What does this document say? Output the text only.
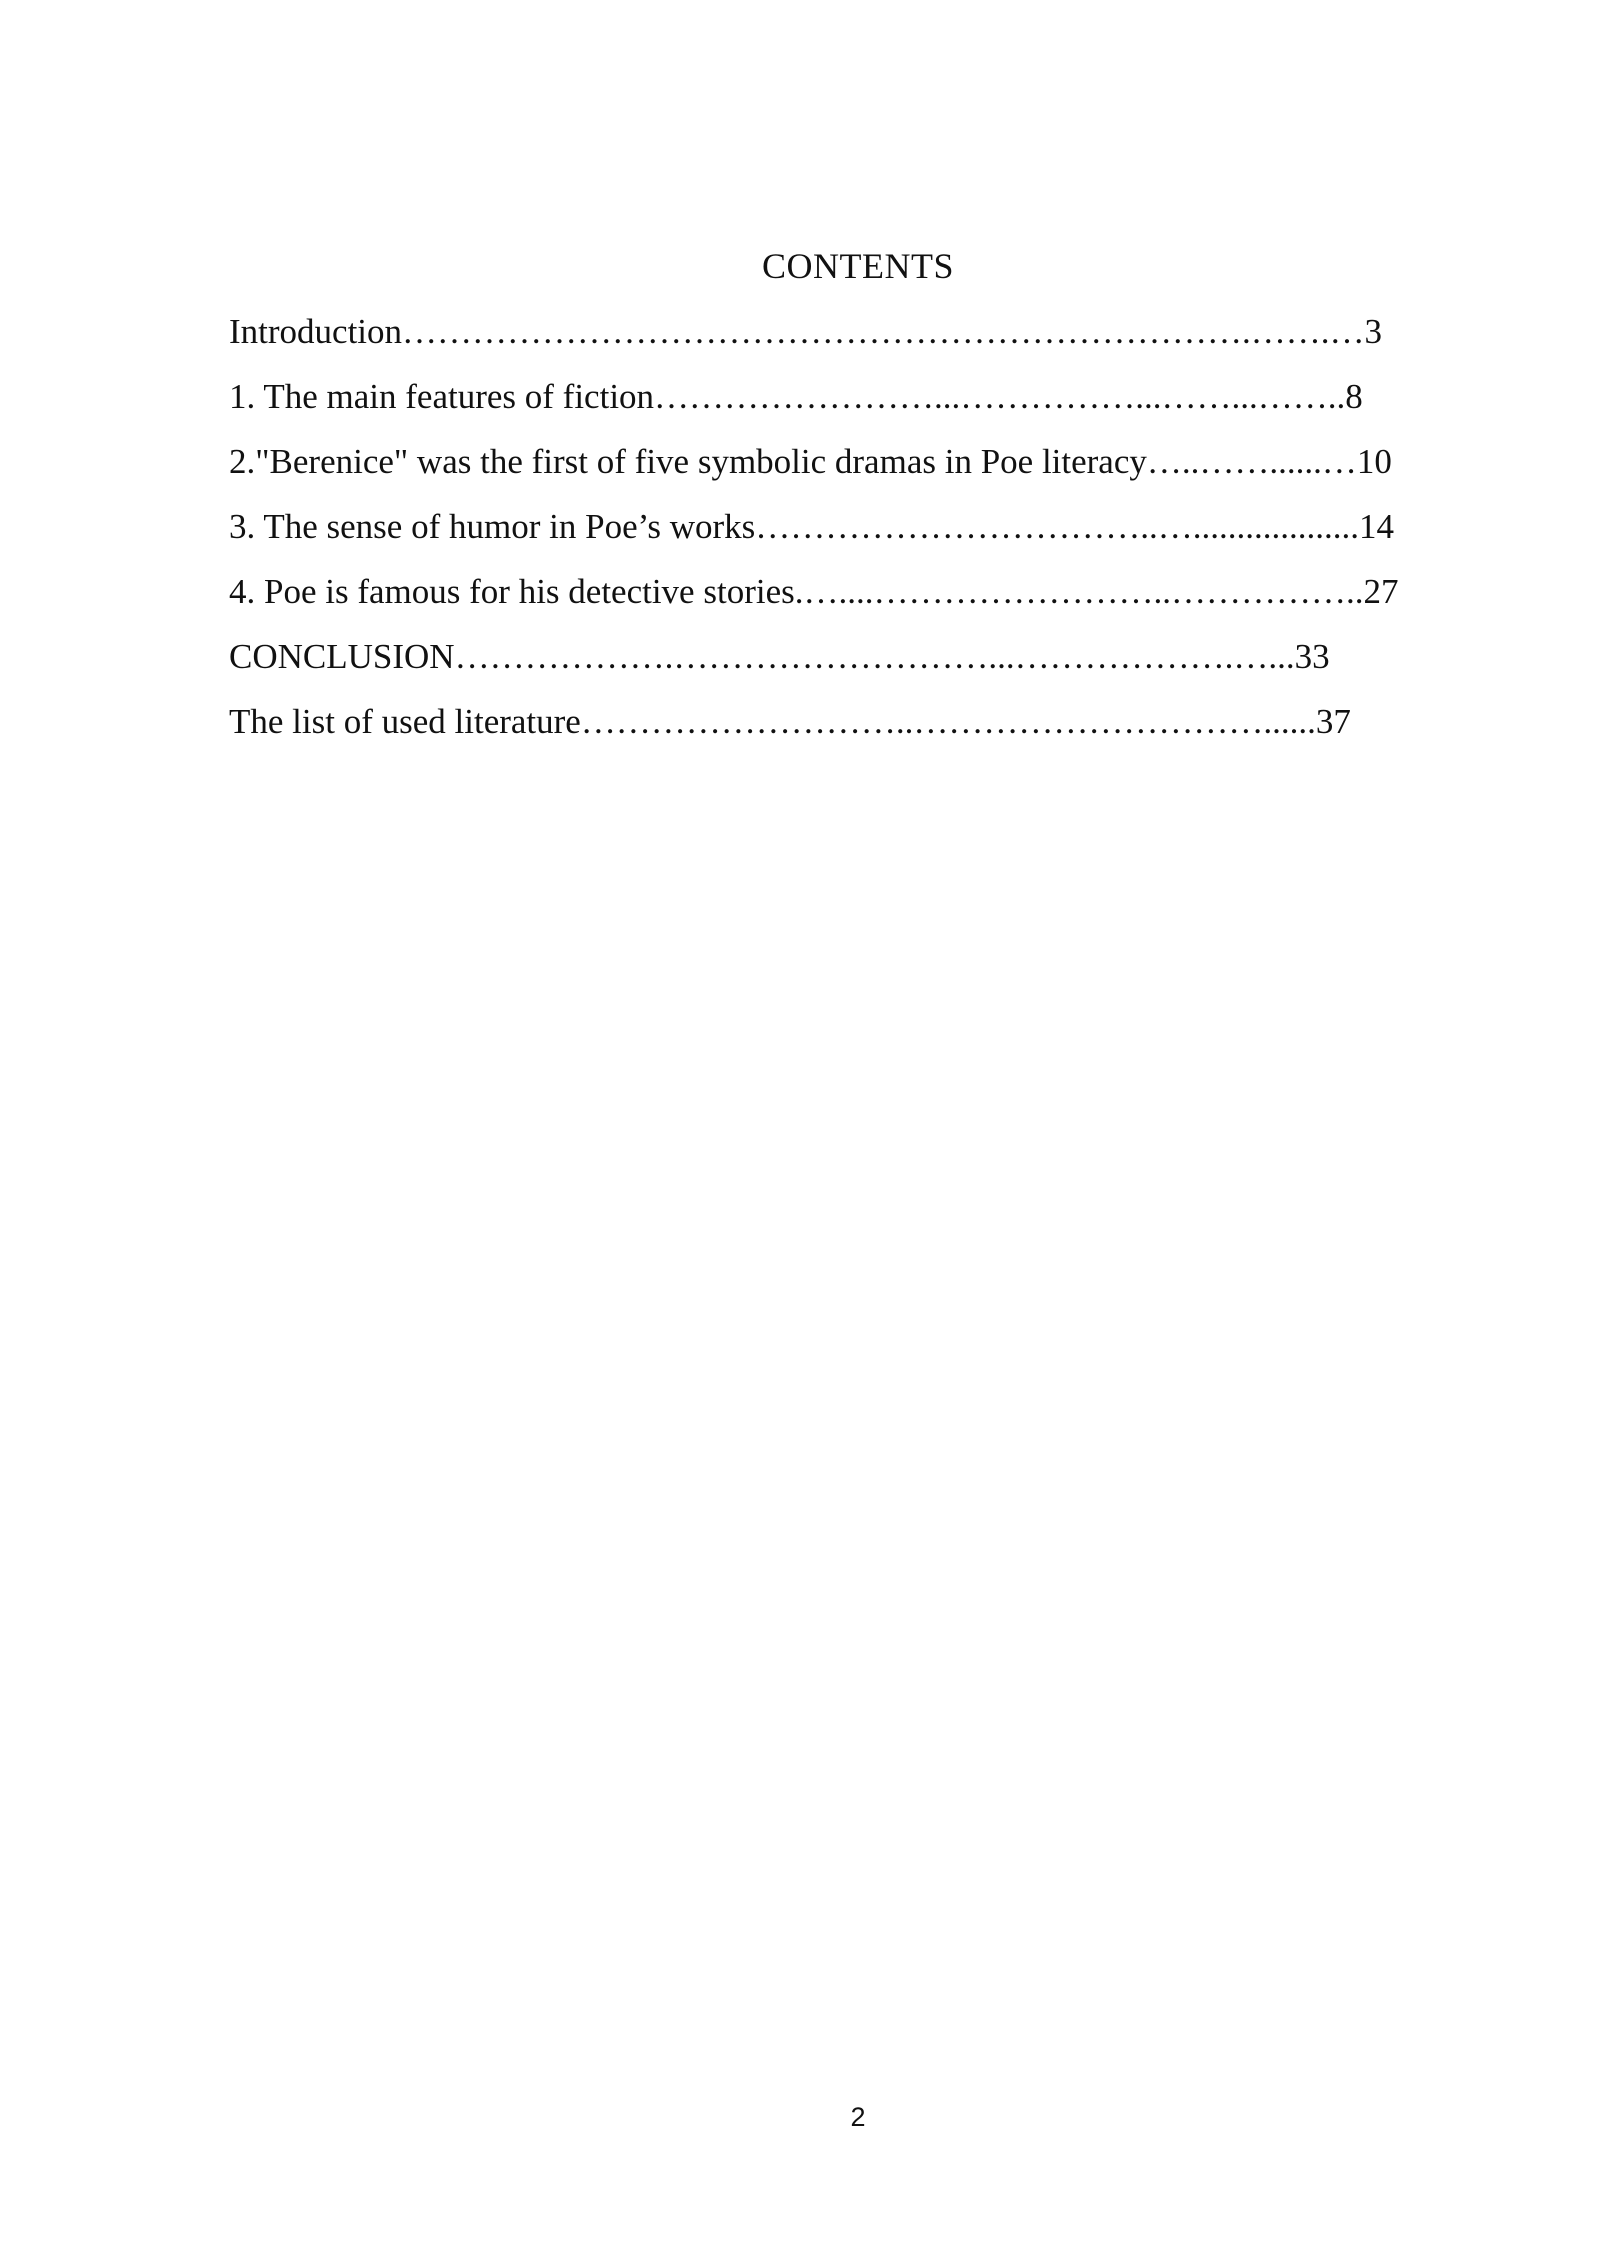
CONTENTS
Introduction……………………………………………………………….…….…3
1. The main features of fiction……………………...……………...……...……..8
2."Berenice" was the first of five symbolic dramas in Poe literacy…..……......…10
3. The sense of humor in Poe’s works……………………………..…...................14
4. Poe is famous for his detective stories.…....……………………..……………..27
CONCLUSION……………….………………………...……………….…...33
The list of used literature………………………..…………………………......37
2
